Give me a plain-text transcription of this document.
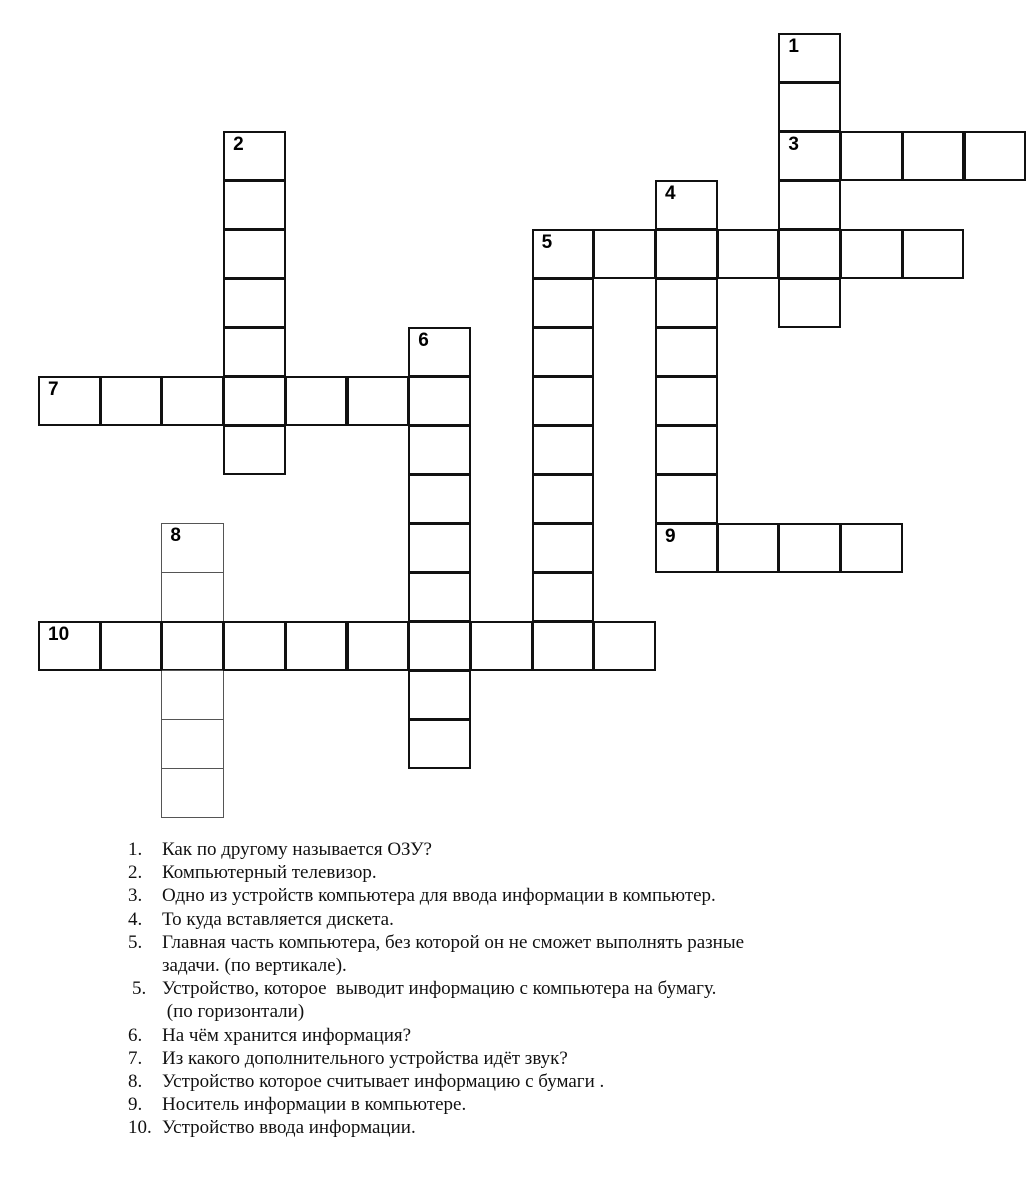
1
3
2
4
9
5
6
7
8
10
1.	Как по другому называется ОЗУ?
2.	Компьютерный телевизор.
3.	Одно из устройств компьютера для ввода информации в компьютер.
4.	То куда вставляется дискета.
5.	Главная часть компьютера, без которой он не сможет выполнять разные
задачи. (по вертикале).
5. Устройство, которое  выводит информацию с компьютера на бумагу.
(по горизонтали)
6.	На чём хранится информация?
7.	Из какого дополнительного устройства идёт звук?
8.	Устройство которое считывает информацию с бумаги .
9.	Носитель информации в компьютере.
10. Устройство ввода информации.
